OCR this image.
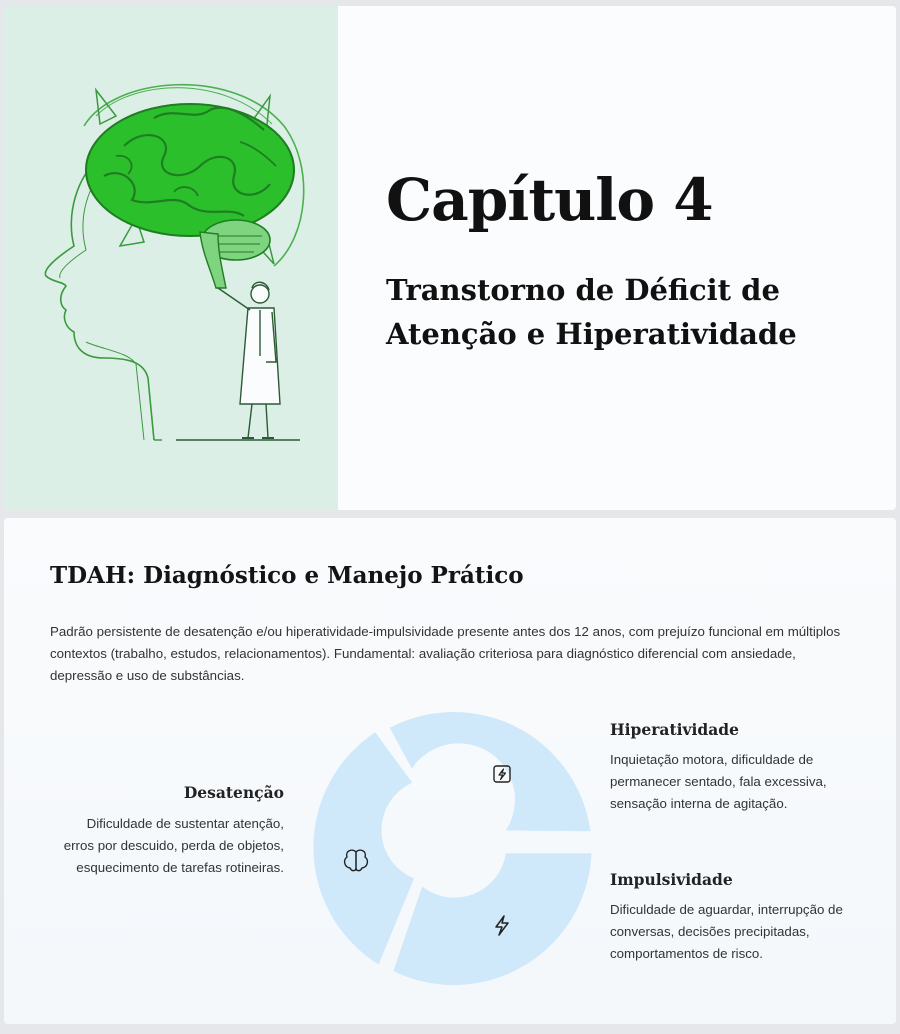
Capítulo 4
Transtorno de Déficit de Atenção e Hiperatividade
TDAH: Diagnóstico e Manejo Prático
Padrão persistente de desatenção e/ou hiperatividade-impulsividade presente antes dos 12 anos, com prejuízo funcional em múltiplos contextos (trabalho, estudos, relacionamentos). Fundamental: avaliação criteriosa para diagnóstico diferencial com ansiedade, depressão e uso de substâncias.
Hiperatividade
Inquietação motora, dificuldade de permanecer sentado, fala excessiva, sensação interna de agitação.
Impulsividade
Dificuldade de aguardar, interrupção de conversas, decisões precipitadas, comportamentos de risco.
Desatenção
Dificuldade de sustentar atenção, erros por descuido, perda de objetos, esquecimento de tarefas rotineiras.
